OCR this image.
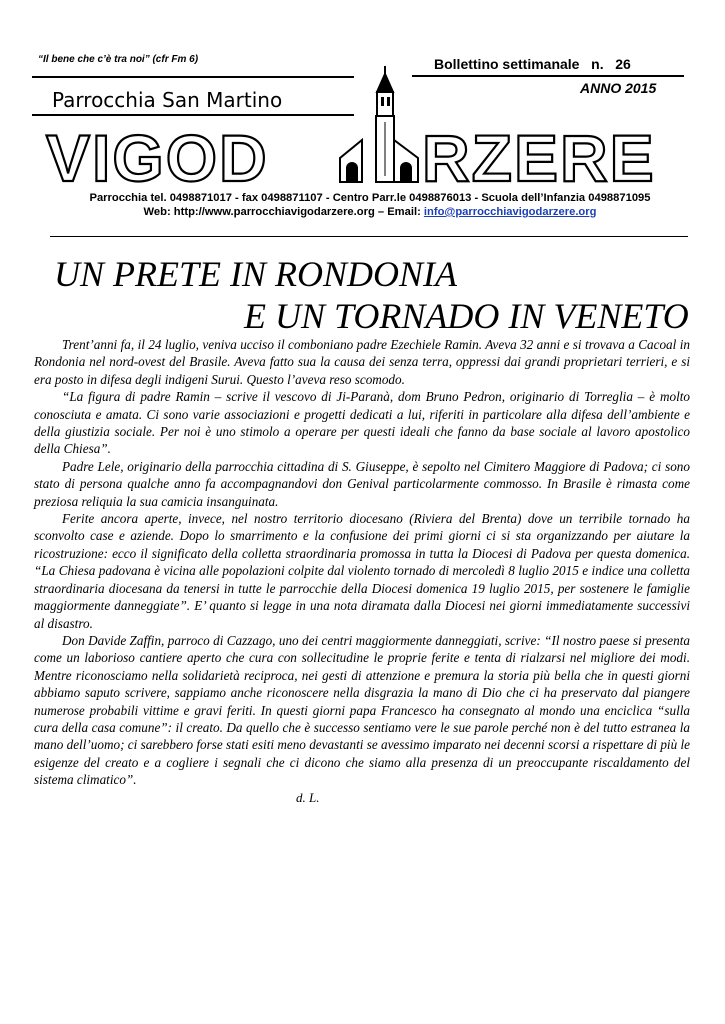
“Il bene che c’è tra noi” (cfr Fm 6)	Bollettino settimanale   n.   26
ANNO 2015
Parrocchia San Martino
VIGOD RZERE
Parrocchia tel. 0498871017 - fax 0498871107 - Centro Parr.le 0498876013 - Scuola dell’Infanzia 0498871095
Web: http://www.parrocchiavigodarzere.org – Email: info@parrocchiavigodarzere.org
UN PRETE IN RONDONIA
E UN TORNADO IN VENETO

Trent’anni fa, il 24 luglio, veniva ucciso il comboniano padre Ezechiele Ramin. Aveva 32 anni e si trovava a Cacoal in Rondonia nel nord-ovest del Brasile. Aveva fatto sua la causa dei senza terra, oppressi dai grandi proprietari terrieri, e si era posto in difesa degli indigeni Surui. Questo l’aveva reso scomodo.

“La figura di padre Ramin – scrive il vescovo di Ji-Paranà, dom Bruno Pedron, originario di Torreglia – è molto conosciuta e amata. Ci sono varie associazioni e progetti dedicati a lui, riferiti in particolare alla difesa dell’ambiente e della giustizia sociale. Per noi è uno stimolo a operare per questi ideali che fanno da base sociale al lavoro apostolico della Chiesa”.

Padre Lele, originario della parrocchia cittadina di S. Giuseppe, è sepolto nel Cimitero Maggiore di Padova; ci sono stato di persona qualche anno fa accompagnandovi don Genival particolarmente commosso. In Brasile è rimasta come preziosa reliquia la sua camicia insanguinata.

Ferite ancora aperte, invece, nel nostro territorio diocesano (Riviera del Brenta) dove un terribile tornado ha sconvolto case e aziende. Dopo lo smarrimento e la confusione dei primi giorni ci si sta organizzando per aiutare la ricostruzione: ecco il significato della colletta straordinaria promossa in tutta la Diocesi di Padova per questa domenica. “La Chiesa padovana è vicina alle popolazioni colpite dal violento tornado di mercoledì 8 luglio 2015 e indice una colletta straordinaria diocesana da tenersi in tutte le parrocchie della Diocesi domenica 19 luglio 2015, per sostenere le famiglie maggiormente danneggiate”. E’ quanto si legge in una nota diramata dalla Diocesi nei giorni immediatamente successivi al disastro.

Don Davide Zaffin, parroco di Cazzago, uno dei centri maggiormente danneggiati, scrive: “Il nostro paese si presenta come un laborioso cantiere aperto che cura con sollecitudine le proprie ferite e tenta di rialzarsi nel migliore dei modi. Mentre riconosciamo nella solidarietà reciproca, nei gesti di attenzione e premura la storia più bella che in questi giorni abbiamo saputo scrivere, sappiamo anche riconoscere nella disgrazia la mano di Dio che ci ha preservato dal piangere numerose probabili vittime e gravi feriti. In questi giorni papa Francesco ha consegnato al mondo una enciclica “sulla cura della casa comune”: il creato. Da quello che è successo sentiamo vere le sue parole perché non è del tutto estranea la mano dell’uomo; ci sarebbero forse stati esiti meno devastanti se avessimo imparato nei decenni scorsi a rispettare di più le esigenze del creato e a cogliere i segnali che ci dicono che siamo alla presenza di un preoccupante riscaldamento del sistema climatico”.

d. L.
